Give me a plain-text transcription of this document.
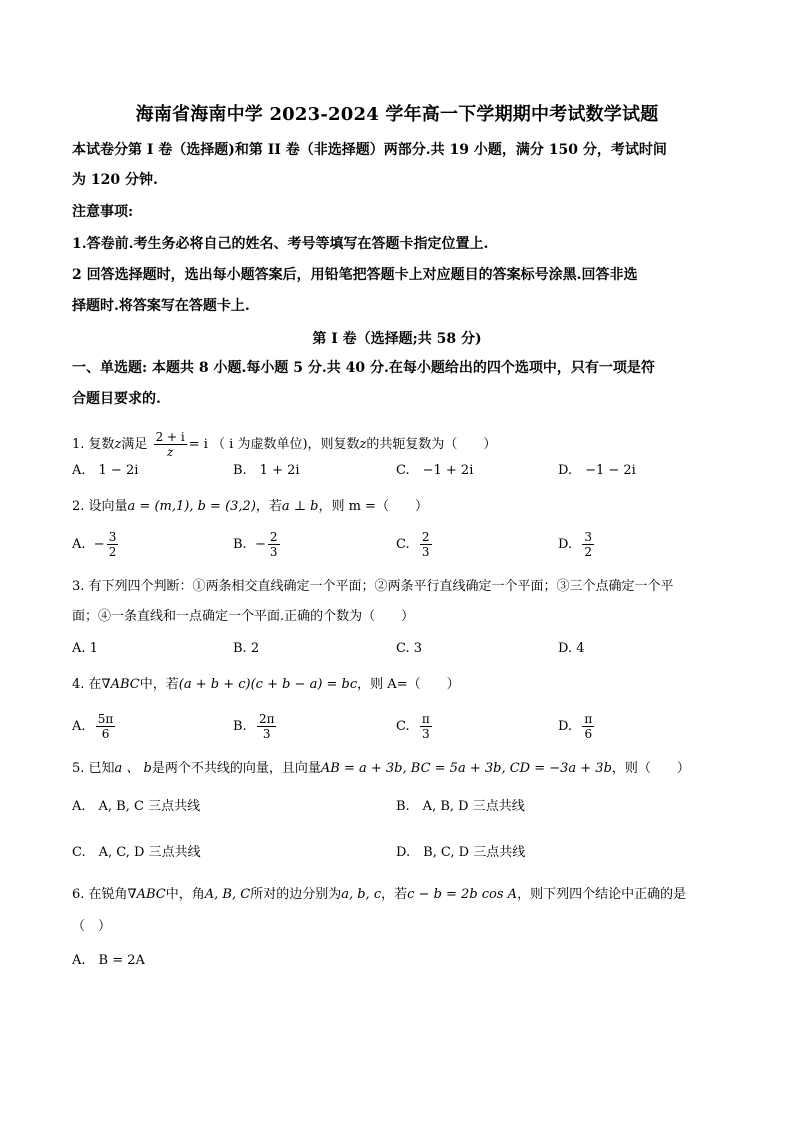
海南省海南中学 2023-2024 学年高一下学期期中考试数学试题
本试卷分第 I 卷（选择题)和第 II 卷（非选择题）两部分.共 19 小题，满分 150 分，考试时间
为 120 分钟.
注意事项:
1.答卷前.考生务必将自己的姓名、考号等填写在答题卡指定位置上.
2 回答选择题时，选出每小题答案后，用铅笔把答题卡上对应题目的答案标号涂黑.回答非选
择题时.将答案写在答题卡上.
第 I 卷（选择题;共 58 分)
一、单选题: 本题共 8 小题.每小题 5 分.共 40 分.在每小题给出的四个选项中，只有一项是符
合题目要求的.
1. 复数z满足 $\frac{2 + i}{z} = i$ （ i 为虚数单位)，则复数z的共轭复数为（　　）
A.　1 − 2i	B.　1 + 2i	C.　−1 + 2i	D.　−1 − 2i
2. 设向量a = (m,1), b = (3,2)，若a ⊥ b，则 m =（　　）
A. − $\frac{3}{2}$	B. − $\frac{2}{3}$	C. $\frac{2}{3}$	D. $\frac{3}{2}$
3. 有下列四个判断：①两条相交直线确定一个平面；②两条平行直线确定一个平面；③三个点确定一个平
面；④一条直线和一点确定一个平面.正确的个数为（　　）
A. 1	B. 2	C. 3	D. 4
4. 在∇ABC中，若(a + b + c)(c + b − a) = bc，则 A=（　　）
A. $\frac{5\pi}{6}$	B. $\frac{2\pi}{3}$	C. $\frac{\pi}{3}$	D. $\frac{\pi}{6}$
5. 已知a 、 b是两个不共线的向量，且向量AB = a + 3b, BC = 5a + 3b, CD = −3a + 3b，则（　　）
A.　A, B, C 三点共线	B.　A, B, D 三点共线
C.　A, C, D 三点共线	D.　B, C, D 三点共线
6. 在锐角∇ABC中，角A, B, C所对的边分别为a, b, c，若c − b = 2b cos A，则下列四个结论中正确的是
（　）
A.　B = 2A
